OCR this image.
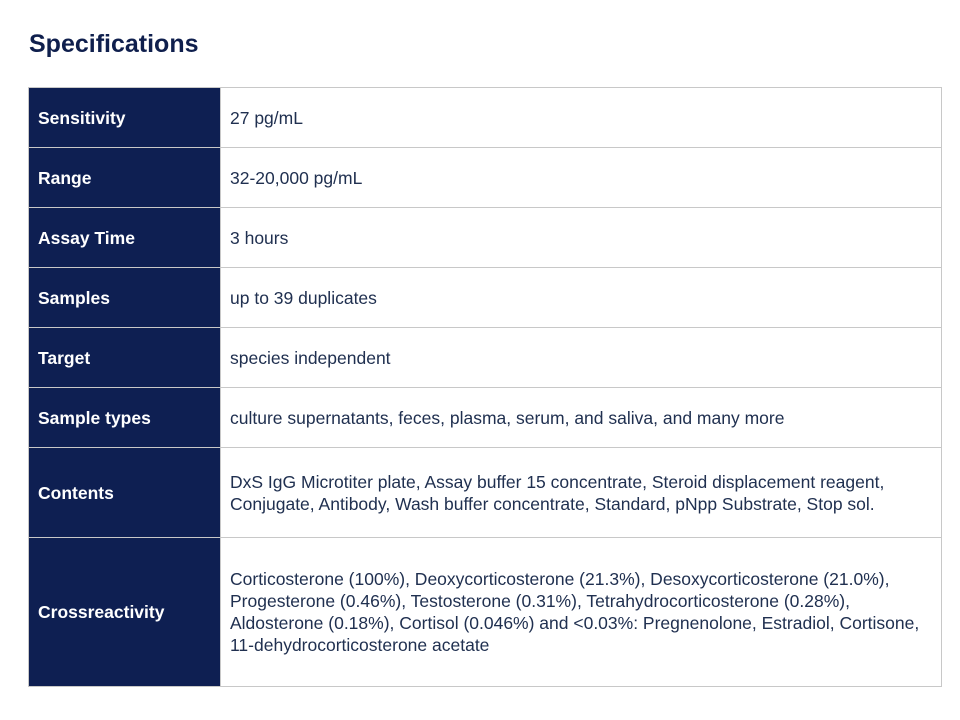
Specifications
Sensitivity	27 pg/mL
Range	32-20,000 pg/mL
Assay Time	3 hours
Samples	up to 39 duplicates
Target	species independent
Sample types	culture supernatants, feces, plasma, serum, and saliva, and many more
Contents	DxS IgG Microtiter plate, Assay buffer 15 concentrate, Steroid displacement reagent, Conjugate, Antibody, Wash buffer concentrate, Standard, pNpp Substrate, Stop sol.
Crossreactivity	Corticosterone (100%), Deoxycorticosterone (21.3%), Desoxycorticosterone (21.0%), Progesterone (0.46%), Testosterone (0.31%), Tetrahydrocorticosterone (0.28%), Aldosterone (0.18%), Cortisol (0.046%) and <0.03%: Pregnenolone, Estradiol, Cortisone, 11-dehydrocorticosterone acetate
